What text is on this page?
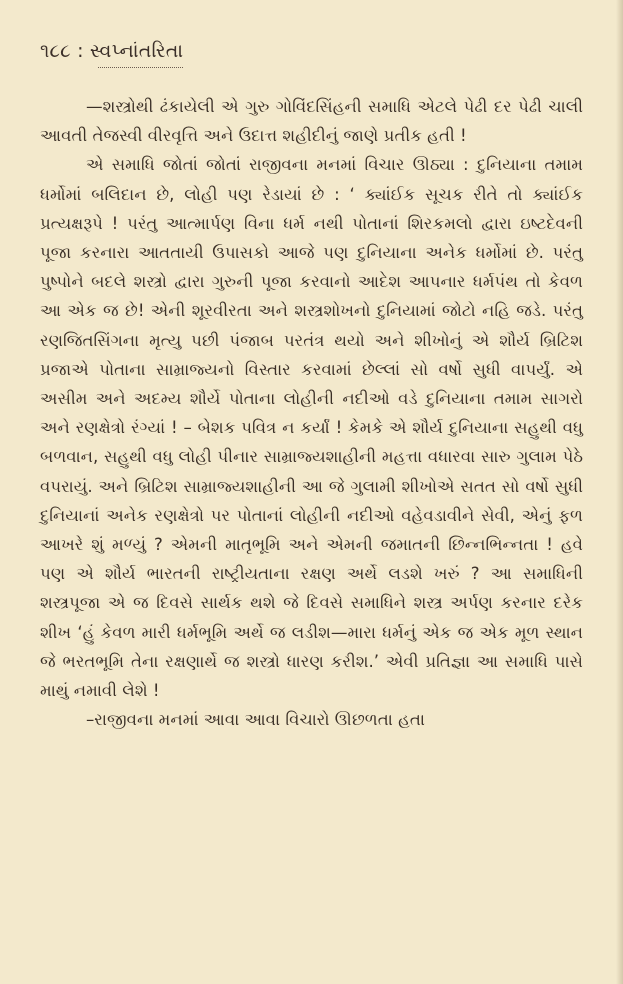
૧૮૮ : સ્વપ્નાંતરિતા

—શસ્ત્રોથી ઢંકાયેલી એ ગુરુ ગોવિંદસિંહની સમાધિ એટલે પેઢી દર પેઢી ચાલી આવતી તેજસ્વી વીરવૃત્તિ અને ઉદાત્ત શહીદીનું જાણે પ્રતીક હતી !

એ સમાધિ જોતાં જોતાં રાજીવના મનમાં વિચાર ઊઠ્યા : દુનિયાના તમામ ધર્મોમાં બલિદાન છે, લોહી પણ રેડાયાં છે : ‘ ક્યાંઈક સૂચક રીતે તો ક્યાંઈક પ્રત્યક્ષરૂપે ! પરંતુ આત્માર્પણ વિના ધર્મ નથી પોતાનાં શિરકમલો દ્વારા ઇષ્ટદેવની પૂજા કરનારા આતતાયી ઉપાસકો આજે પણ દુનિયાના અનેક ધર્મોમાં છે. પરંતુ પુષ્પોને બદલે શસ્ત્રો દ્વારા ગુરુની પૂજા કરવાનો આદેશ આપનાર ધર્મપંથ તો કેવળ આ એક જ છે! એની શૂરવીરતા અને શસ્ત્રશોખનો દુનિયામાં જોટો નહિ જડે. પરંતુ રણજિતસિંગના મૃત્યુ પછી પંજાબ પરતંત્ર થયો અને શીખોનું એ શૌર્ય બ્રિટિશ પ્રજાએ પોતાના સામ્રાજ્યનો વિસ્તાર કરવામાં છેલ્લાં સો વર્ષો સુધી વાપર્યું. એ અસીમ અને અદમ્ય શૌર્યે પોતાના લોહીની નદીઓ વડે દુનિયાના તમામ સાગરો અને રણક્ષેત્રો રંગ્યાં ! – બેશક પવિત્ર ન કર્યાં ! કેમકે એ શૌર્ય દુનિયાના સહુથી વધુ બળવાન, સહુથી વધુ લોહી પીનાર સામ્રાજ્યશાહીની મહત્તા વધારવા સારુ ગુલામ પેઠે વપરાયું. અને બ્રિટિશ સામ્રાજ્યશાહીની આ જે ગુલામી શીખોએ સતત સો વર્ષો સુધી દુનિયાનાં અનેક રણક્ષેત્રો પર પોતાનાં લોહીની નદીઓ વહેવડાવીને સેવી, એનું ફળ આખરે શું મળ્યું ? એમની માતૃભૂમિ અને એમની જમાતની છિન્નભિન્નતા ! હવે પણ એ શૌર્ય ભારતની રાષ્ટ્રીયતાના રક્ષણ અર્થે લડશે ખરું ? આ સમાધિની શસ્ત્રપૂજા એ જ દિવસે સાર્થક થશે જે દિવસે સમાધિને શસ્ત્ર અર્પણ કરનાર દરેક શીખ ‘હું કેવળ મારી ધર્મભૂમિ અર્થે જ લડીશ—મારા ધર્મનું એક જ એક મૂળ સ્થાન જે ભરતભૂમિ તેના રક્ષણાર્થે જ શસ્ત્રો ધારણ કરીશ.’ એવી પ્રતિજ્ઞા આ સમાધિ પાસે માથું નમાવી લેશે !

–રાજીવના મનમાં આવા આવા વિચારો ઊછળતા હતા
